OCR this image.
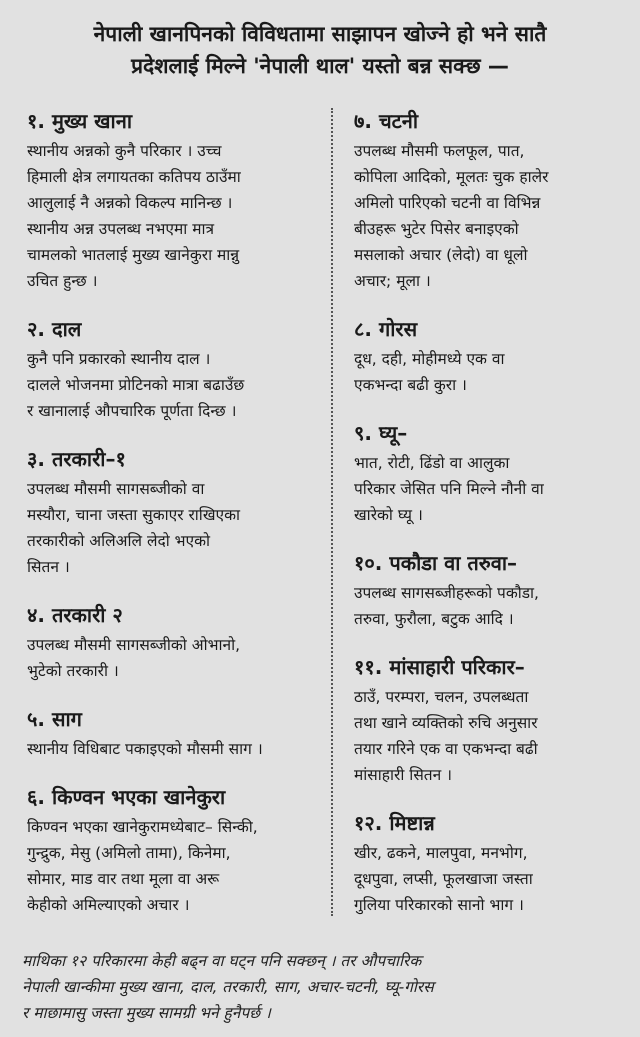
नेपाली खानपिनको विविधतामा साझापन खोज्ने हो भने सातै
प्रदेशलाई मिल्ने 'नेपाली थाल' यस्तो बन्न सक्छ —
१. मुख्य खाना

स्थानीय अन्नको कुनै परिकार । उच्च
हिमाली क्षेत्र लगायतका कतिपय ठाउँमा
आलुलाई नै अन्नको विकल्प मानिन्छ ।
स्थानीय अन्न उपलब्ध नभएमा मात्र
चामलको भातलाई मुख्य खानेकुरा मान्नु
उचित हुन्छ ।

२. दाल

कुनै पनि प्रकारको स्थानीय दाल ।
दालले भोजनमा प्रोटिनको मात्रा बढाउँछ
र खानालाई औपचारिक पूर्णता दिन्छ ।

३. तरकारी–१

उपलब्ध मौसमी सागसब्जीको वा
मस्यौरा, चाना जस्ता सुकाएर राखिएका
तरकारीको अलिअलि लेदो भएको
सितन ।

४. तरकारी २

उपलब्ध मौसमी सागसब्जीको ओभानो,
भुटेको तरकारी ।

५. साग

स्थानीय विधिबाट पकाइएको मौसमी साग ।

६. किण्वन भएका खानेकुरा

किण्वन भएका खानेकुरामध्येबाट– सिन्की,
गुन्द्रुक, मेसु (अमिलो तामा), किनेमा,
सोमार, माड वार तथा मूला वा अरू
केहीको अमिल्याएको अचार ।

७. चटनी

उपलब्ध मौसमी फलफूल, पात,
कोपिला आदिको, मूलतः चुक हालेर
अमिलो पारिएको चटनी वा विभिन्न
बीउहरू भुटेर पिसेर बनाइएको
मसलाको अचार (लेदो) वा धूलो
अचार; मूला ।

८. गोरस

दूध, दही, मोहीमध्ये एक वा
एकभन्दा बढी कुरा ।

९. घ्यू–

भात, रोटी, ढिंडो वा आलुका
परिकार जेसित पनि मिल्ने नौनी वा
खारेको घ्यू ।

१०. पकौडा वा तरुवा–

उपलब्ध सागसब्जीहरूको पकौडा,
तरुवा, फुरौला, बटुक आदि ।

११. मांसाहारी परिकार–

ठाउँ, परम्परा, चलन, उपलब्धता
तथा खाने व्यक्तिको रुचि अनुसार
तयार गरिने एक वा एकभन्दा बढी
मांसाहारी सितन ।

१२. मिष्टान्न

खीर, ढकने, मालपुवा, मनभोग,
दूधपुवा, लप्सी, फूलखाजा जस्ता
गुलिया परिकारको सानो भाग ।

माथिका १२ परिकारमा केही बढ्न वा घट्न पनि सक्छन् । तर औपचारिक
नेपाली खान्कीमा मुख्य खाना, दाल, तरकारी, साग, अचार-चटनी, घ्यू-गोरस
र माछामासु जस्ता मुख्य सामग्री भने हुनैपर्छ ।
